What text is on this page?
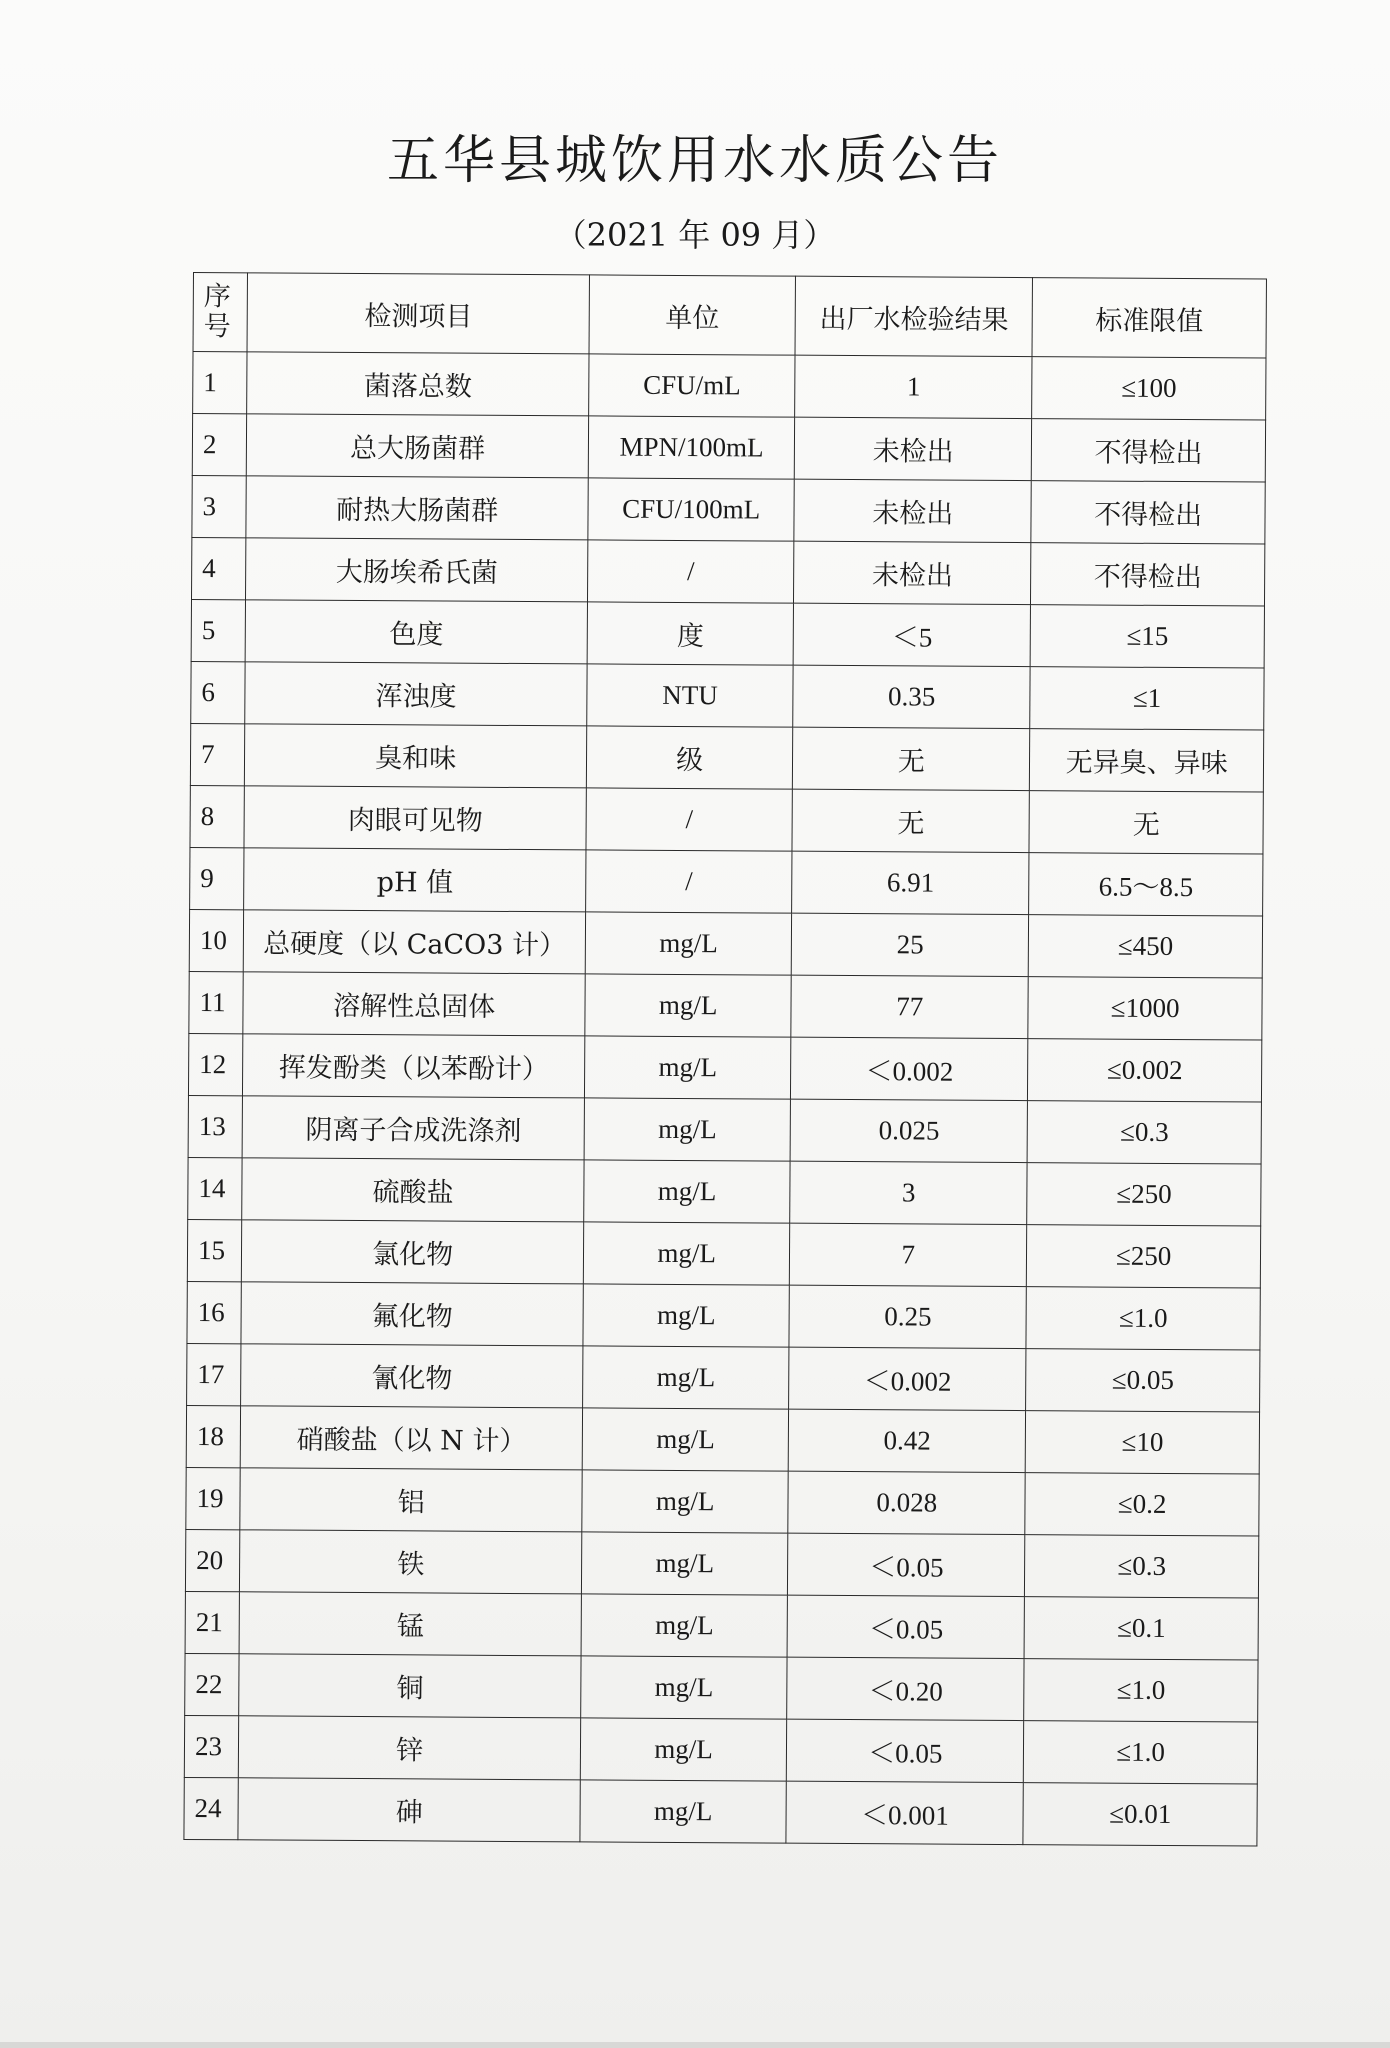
五华县城饮用水水质公告
（2021 年 09 月）
序号	检测项目	单位	出厂水检验结果	标准限值
1	菌落总数	CFU/mL	1	≤100
2	总大肠菌群	MPN/100mL	未检出	不得检出
3	耐热大肠菌群	CFU/100mL	未检出	不得检出
4	大肠埃希氏菌	/	未检出	不得检出
5	色度	度	＜5	≤15
6	浑浊度	NTU	0.35	≤1
7	臭和味	级	无	无异臭、异味
8	肉眼可见物	/	无	无
9	pH 值	/	6.91	6.5～8.5
10	总硬度（以 CaCO3 计）	mg/L	25	≤450
11	溶解性总固体	mg/L	77	≤1000
12	挥发酚类（以苯酚计）	mg/L	＜0.002	≤0.002
13	阴离子合成洗涤剂	mg/L	0.025	≤0.3
14	硫酸盐	mg/L	3	≤250
15	氯化物	mg/L	7	≤250
16	氟化物	mg/L	0.25	≤1.0
17	氰化物	mg/L	＜0.002	≤0.05
18	硝酸盐（以 N 计）	mg/L	0.42	≤10
19	铝	mg/L	0.028	≤0.2
20	铁	mg/L	＜0.05	≤0.3
21	锰	mg/L	＜0.05	≤0.1
22	铜	mg/L	＜0.20	≤1.0
23	锌	mg/L	＜0.05	≤1.0
24	砷	mg/L	＜0.001	≤0.01
